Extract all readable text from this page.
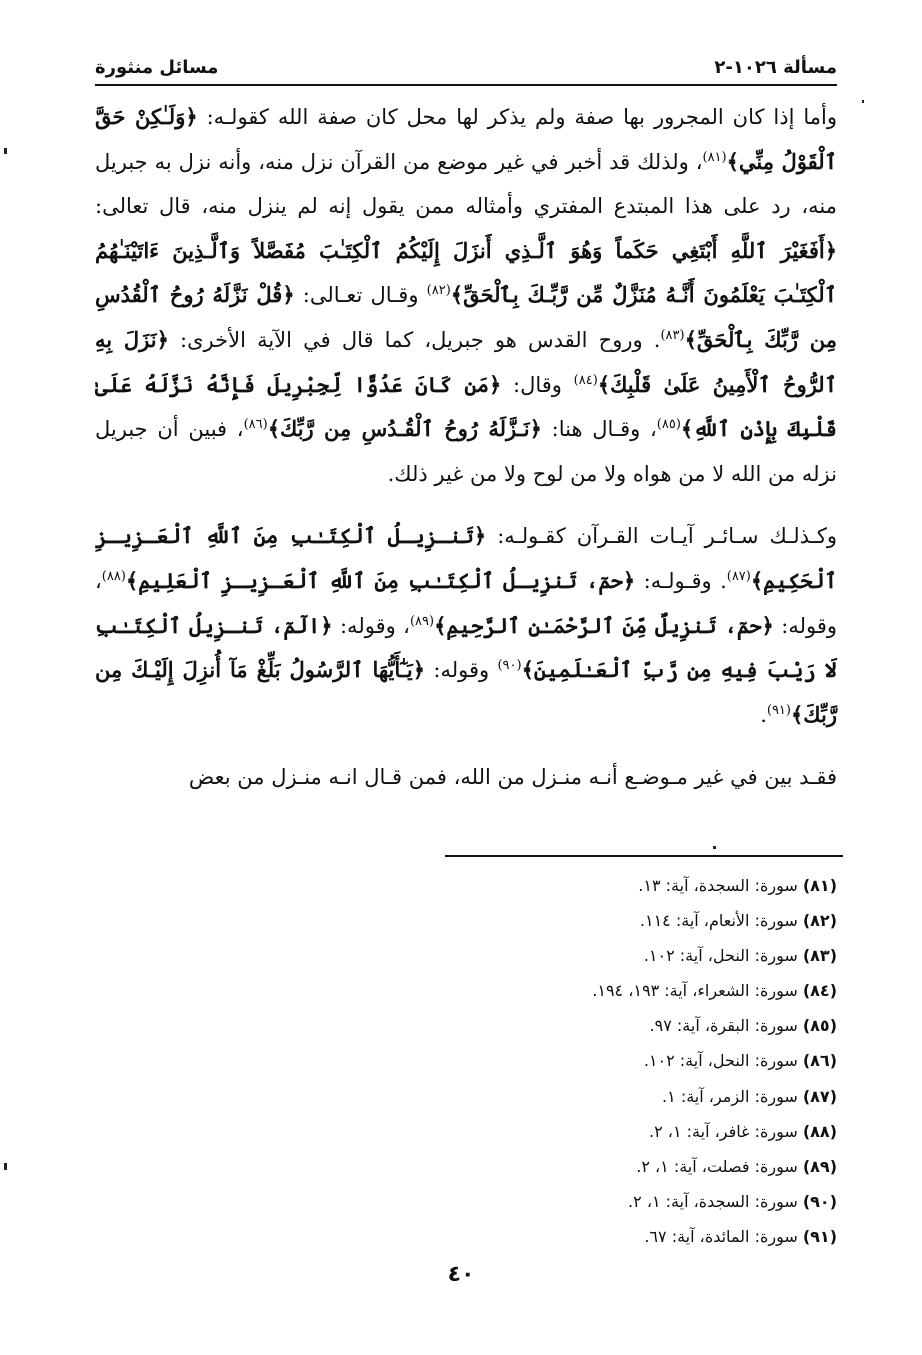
مسائل منثورة	مسألة ١٠٢٦-٢

وأما إذا كان المجرور بها صفة ولم يذكر لها محل كان صفة الله كقولـه: ﴿وَلَـٰكِنْ حَقَّ ٱلْقَوْلُ مِنِّي﴾$^{(٨١)}$، ولذلك قد أخبر في غير موضع من القرآن نزل منه، وأنه نزل به جبريل منه، رد على هذا المبتدع المفتري وأمثاله ممن يقول إنه لم ينزل منه، قال تعالى: ﴿أَفَغَيْرَ ٱللَّهِ أَبْتَغِي حَكَماً وَهُوَ ٱلَّـذِي أَنزَلَ إِلَيْكُمُ ٱلْكِتَـٰبَ مُفَصَّلاً وَٱلَّـذِينَ ءَاتَيْنَـٰهُمُ ٱلْكِتَـٰبَ يَعْلَمُونَ أَنَّـهُ مُنَزَّلٌ مِّن رَّبِّـكَ بِٱلْحَقِّ﴾$^{(٨٢)}$ وقـال تعـالى: ﴿قُلْ نَزَّلَهُ رُوحُ ٱلْقُدُسِ مِن رَّبِّكَ بِٱلْحَقِّ﴾$^{(٨٣)}$. وروح القدس هو جبريل، كما قال في الآية الأخرى: ﴿نَزَلَ بِهِ ٱلرُّوحُ ٱلْأَمِينُ عَلَىٰ قَلْبِكَ﴾$^{(٨٤)}$ وقال: ﴿مَن كَانَ عَدُوًّا لِّجِبْرِيلَ فَإِنَّهُ نَزَّلَهُ عَلَىٰ قَلْبِكَ بِإِذْنِ ٱللَّهِ﴾$^{(٨٥)}$، وقـال هنا: ﴿نَـزَّلَهُ رُوحُ ٱلْقُـدُسِ مِن رَّبِّكَ﴾$^{(٨٦)}$، فبين أن جبريل نزله من الله لا من هواه ولا من لوح ولا من غير ذلك.

وكـذلـك سـائـر آيـات القـرآن كقـولـه: ﴿تَنـزِيـلُ ٱلْكِتَـٰبِ مِنَ ٱللَّهِ ٱلْعَـزِيـزِ ٱلْحَكِيمِ﴾$^{(٨٧)}$. وقـولـه: ﴿حمٓ، تَنزِيـلُ ٱلْكِتَـٰبِ مِنَ ٱللَّهِ ٱلْعَـزِيـزِ ٱلْعَلِيمِ﴾$^{(٨٨)}$، وقوله: ﴿حمٓ، تَنزِيلٌ مِّنَ ٱلرَّحْمَـٰنِ ٱلرَّحِيمِ﴾$^{(٨٩)}$، وقوله: ﴿الٓمٓ، تَنـزِيلُ ٱلْكِتَـٰبِ لَا رَيْبَ فِيهِ مِن رَّبِّ ٱلْعَـٰلَمِينَ﴾$^{(٩٠)}$ وقوله: ﴿يَـٰٓأَيُّهَا ٱلرَّسُولُ بَلِّغْ مَآ أُنزِلَ إِلَيْـكَ مِن رَّبِّكَ﴾$^{(٩١)}$.

فقـد بين في غير مـوضـع أنـه منـزل من الله، فمن قـال انـه منـزل من بعض

(٨١) سورة: السجدة، آية: ١٣.
(٨٢) سورة: الأنعام، آية: ١١٤.
(٨٣) سورة: النحل، آية: ١٠٢.
(٨٤) سورة: الشعراء، آية: ١٩٣، ١٩٤.
(٨٥) سورة: البقرة، آية: ٩٧.
(٨٦) سورة: النحل، آية: ١٠٢.
(٨٧) سورة: الزمر، آية: ١.
(٨٨) سورة: غافر، آية: ١، ٢.
(٨٩) سورة: فصلت، آية: ١، ٢.
(٩٠) سورة: السجدة، آية: ١، ٢.
(٩١) سورة: المائدة، آية: ٦٧.
٤٠
